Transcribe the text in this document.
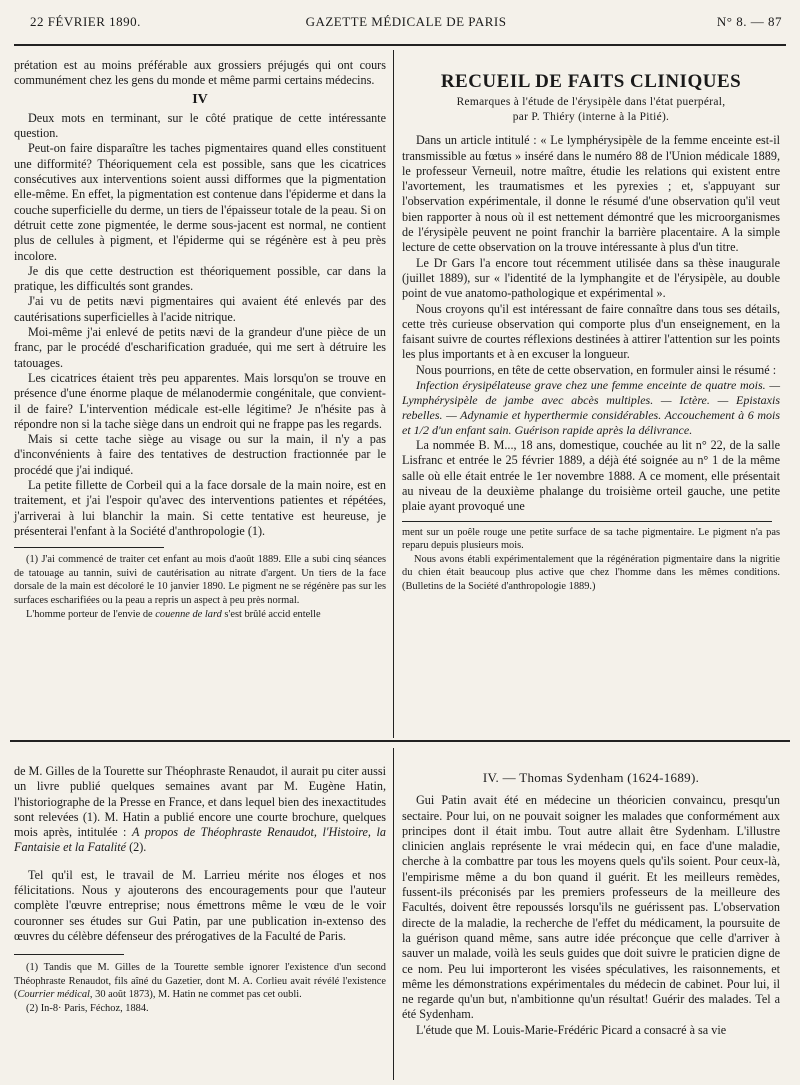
22 FÉVRIER 1890.	GAZETTE MÉDICALE DE PARIS	N° 8. — 87

prétation est au moins préférable aux grossiers préjugés qui ont cours communément chez les gens du monde et même parmi certains médecins.

IV

Deux mots en terminant, sur le côté pratique de cette intéressante question.

Peut-on faire disparaître les taches pigmentaires quand elles constituent une difformité? Théoriquement cela est possible, sans que les cicatrices consécutives aux interventions soient aussi difformes que la pigmentation elle-même. En effet, la pigmentation est contenue dans l'épiderme et dans la couche superficielle du derme, un tiers de l'épaisseur totale de la peau. Si on détruit cette zone pigmentée, le derme sous-jacent est normal, ne contient plus de cellules à pigment, et l'épiderme qui se régénère est à peu près incolore.

Je dis que cette destruction est théoriquement possible, car dans la pratique, les difficultés sont grandes.

J'ai vu de petits nævi pigmentaires qui avaient été enlevés par des cautérisations superficielles à l'acide nitrique.

Moi-même j'ai enlevé de petits nævi de la grandeur d'une pièce de un franc, par le procédé d'escharification graduée, qui me sert à détruire les tatouages.

Les cicatrices étaient très peu apparentes. Mais lorsqu'on se trouve en présence d'une énorme plaque de mélanodermie congénitale, que convient-il de faire? L'intervention médicale est-elle légitime? Je n'hésite pas à répondre non si la tache siège dans un endroit qui ne frappe pas les regards.

Mais si cette tache siège au visage ou sur la main, il n'y a pas d'inconvénients à faire des tentatives de destruction fractionnée par le procédé que j'ai indiqué.

La petite fillette de Corbeil qui a la face dorsale de la main noire, est en traitement, et j'ai l'espoir qu'avec des interventions patientes et répétées, j'arriverai à lui blanchir la main. Si cette tentative est heureuse, je présenterai l'enfant à la Société d'anthropologie (1).

(1) J'ai commencé de traiter cet enfant au mois d'août 1889. Elle a subi cinq séances de tatouage au tannin, suivi de cautérisation au nitrate d'argent. Un tiers de la face dorsale de la main est décoloré le 10 janvier 1890. Le pigment ne se régénère pas sur les surfaces escharifiées ou la peau a repris un aspect à peu près normal.

L'homme porteur de l'envie de couenne de lard s'est brûlé accid entelle

RECUEIL DE FAITS CLINIQUES
Remarques à l'étude de l'érysipèle dans l'état puerpéral,
par P. Thiéry (interne à la Pitié).

Dans un article intitulé : « Le lymphérysipèle de la femme enceinte est-il transmissible au fœtus » inséré dans le numéro 88 de l'Union médicale 1889, le professeur Verneuil, notre maître, étudie les relations qui existent entre l'avortement, les traumatismes et les pyrexies ; et, s'appuyant sur l'observation expérimentale, il donne le résumé d'une observation qu'il veut bien rapporter à nous où il est nettement démontré que les microorganismes de l'érysipèle peuvent ne point franchir la barrière placentaire. A la simple lecture de cette observation on la trouve intéressante à plus d'un titre.

Le Dr Gars l'a encore tout récemment utilisée dans sa thèse inaugurale (juillet 1889), sur « l'identité de la lymphangite et de l'érysipèle, au double point de vue anatomo-pathologique et expérimental ».

Nous croyons qu'il est intéressant de faire connaître dans tous ses détails, cette très curieuse observation qui comporte plus d'un enseignement, en la faisant suivre de courtes réflexions destinées à attirer l'attention sur les points les plus importants et à en excuser la longueur.

Nous pourrions, en tête de cette observation, en formuler ainsi le résumé :

Infection érysipélateuse grave chez une femme enceinte de quatre mois. — Lymphérysipèle de jambe avec abcès multiples. — Ictère. — Epistaxis rebelles. — Adynamie et hyperthermie considérables. Accouchement à 6 mois et 1/2 d'un enfant sain. Guérison rapide après la délivrance.

La nommée B. M..., 18 ans, domestique, couchée au lit n° 22, de la salle Lisfranc et entrée le 25 février 1889, a déjà été soignée au n° 1 de la même salle où elle était entrée le 1er novembre 1888. A ce moment, elle présentait au niveau de la deuxième phalange du troisième orteil gauche, une petite plaie ayant provoqué une

ment sur un poêle rouge une petite surface de sa tache pigmentaire. Le pigment n'a pas reparu depuis plusieurs mois.

Nous avons établi expérimentalement que la régénération pigmentaire dans la nigritie du chien était beaucoup plus active que chez l'homme dans les mêmes conditions. (Bulletins de la Société d'anthropologie 1889.)

de M. Gilles de la Tourette sur Théophraste Renaudot, il aurait pu citer aussi un livre publié quelques semaines avant par M. Eugène Hatin, l'historiographe de la Presse en France, et dans lequel bien des inexactitudes sont relevées (1). M. Hatin a publié encore une courte brochure, quelques mois après, intitulée : A propos de Théophraste Renaudot, l'Histoire, la Fantaisie et la Fatalité (2).

Tel qu'il est, le travail de M. Larrieu mérite nos éloges et nos félicitations. Nous y ajouterons des encouragements pour que l'auteur complète l'œuvre entreprise; nous émettrons même le vœu de le voir couronner ses études sur Gui Patin, par une publication in-extenso des œuvres du célèbre défenseur des prérogatives de la Faculté de Paris.

(1) Tandis que M. Gilles de la Tourette semble ignorer l'existence d'un second Théophraste Renaudot, fils aîné du Gazetier, dont M. A. Corlieu avait révélé l'existence (Courrier médical, 30 août 1873), M. Hatin ne commet pas cet oubli.

(2) In-8· Paris, Féchoz, 1884.

IV. — Thomas Sydenham (1624-1689).

Gui Patin avait été en médecine un théoricien convaincu, presqu'un sectaire. Pour lui, on ne pouvait soigner les malades que conformément aux principes dont il était imbu. Tout autre allait être Sydenham. L'illustre clinicien anglais représente le vrai médecin qui, en face d'une maladie, cherche à la combattre par tous les moyens quels qu'ils soient. Pour ceux-là, l'empirisme même a du bon quand il guérit. Et les meilleurs remèdes, fussent-ils préconisés par les premiers professeurs de la meilleure des Facultés, doivent être repoussés lorsqu'ils ne guérissent pas. L'observation directe de la maladie, la recherche de l'effet du médicament, la poursuite de la guérison quand même, sans autre idée préconçue que celle d'arriver à sauver un malade, voilà les seuls guides que doit suivre le praticien digne de ce nom. Peu lui importeront les visées spéculatives, les raisonnements, et même les démonstrations expérimentales du médecin de cabinet. Pour lui, il ne regarde qu'un but, n'ambitionne qu'un résultat! Guérir des malades. Tel a été Sydenham.

L'étude que M. Louis-Marie-Frédéric Picard a consacré à sa vie
